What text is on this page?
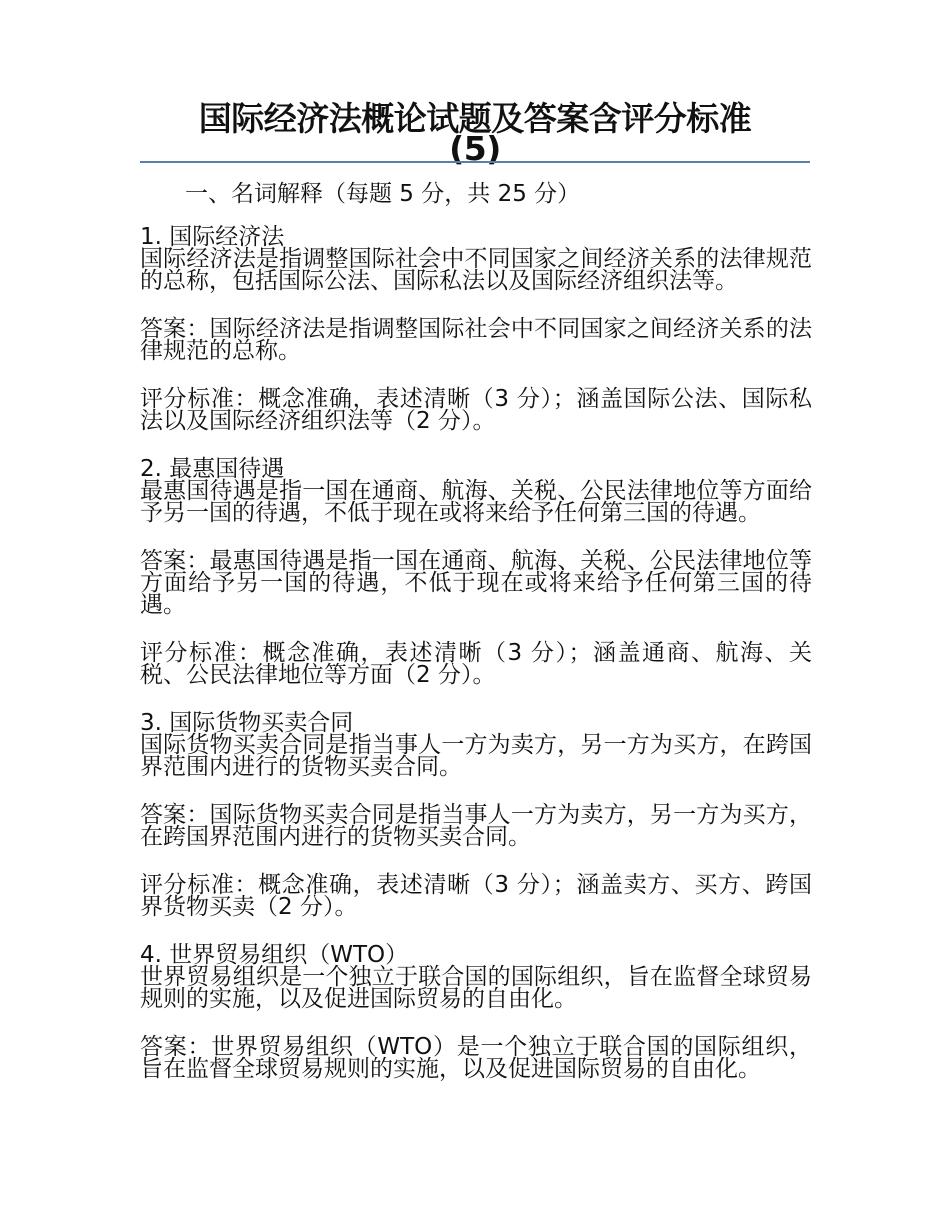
国际经济法概论试题及答案含评分标准
(5)
一、名词解释（每题 5 分，共 25 分）

1. 国际经济法

国际经济法是指调整国际社会中不同国家之间经济关系的法律规范的总称，包括国际公法、国际私法以及国际经济组织法等。

答案：国际经济法是指调整国际社会中不同国家之间经济关系的法律规范的总称。

评分标准：概念准确，表述清晰（3 分）；涵盖国际公法、国际私法以及国际经济组织法等（2 分）。

2. 最惠国待遇

最惠国待遇是指一国在通商、航海、关税、公民法律地位等方面给予另一国的待遇，不低于现在或将来给予任何第三国的待遇。

答案：最惠国待遇是指一国在通商、航海、关税、公民法律地位等方面给予另一国的待遇，不低于现在或将来给予任何第三国的待遇。

评分标准：概念准确，表述清晰（3 分）；涵盖通商、航海、关税、公民法律地位等方面（2 分）。

3. 国际货物买卖合同

国际货物买卖合同是指当事人一方为卖方，另一方为买方，在跨国界范围内进行的货物买卖合同。

答案：国际货物买卖合同是指当事人一方为卖方，另一方为买方，在跨国界范围内进行的货物买卖合同。

评分标准：概念准确，表述清晰（3 分）；涵盖卖方、买方、跨国界货物买卖（2 分）。

4. 世界贸易组织（WTO）

世界贸易组织是一个独立于联合国的国际组织，旨在监督全球贸易规则的实施，以及促进国际贸易的自由化。

答案：世界贸易组织（WTO）是一个独立于联合国的国际组织，旨在监督全球贸易规则的实施，以及促进国际贸易的自由化。
